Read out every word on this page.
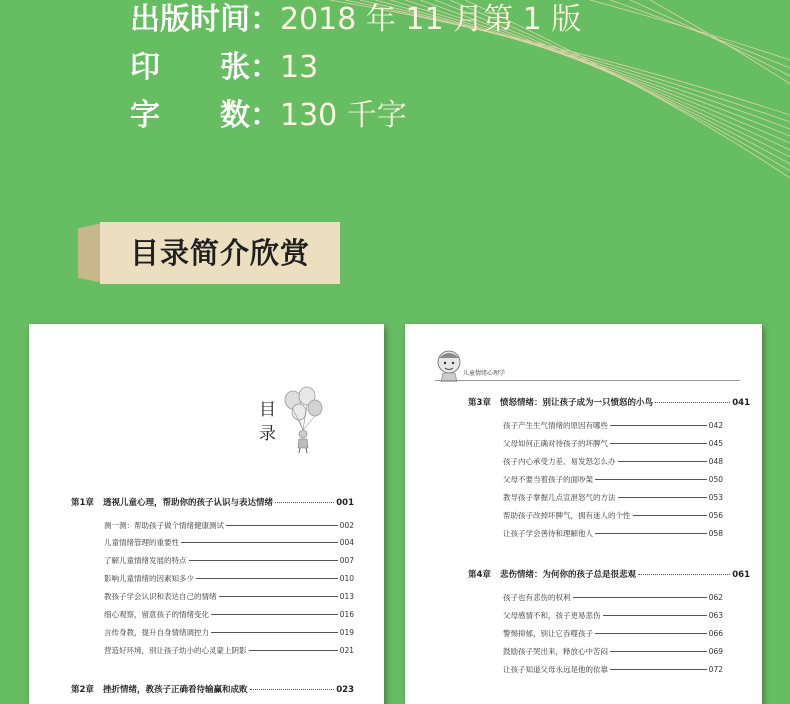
出版时间：2018 年 11 月第 1 版
印　　张：13
字　　数：130 千字
目录简介欣赏
目
录
第1章	透视儿童心理，帮助你的孩子认识与表达情绪	001
测一测：帮助孩子做个情绪健康测试	002
儿童情绪管理的重要性	004
了解儿童情绪发展的特点	007
影响儿童情绪的因素知多少	010
教孩子学会认识和表达自己的情绪	013
细心观察，留意孩子的情绪变化	016
言传身教，提升自身情绪调控力	019
营造好环境，别让孩子幼小的心灵蒙上阴影	021
第2章	挫折情绪，教孩子正确看待输赢和成败	023
儿童情绪心理学
第3章	愤怒情绪：别让孩子成为一只愤怒的小鸟	041
孩子产生生气情绪的原因有哪些	042
父母如何正确对待孩子的坏脾气	045
孩子内心承受力差、易发怒怎么办	048
父母不要当着孩子的面吵架	050
教导孩子掌握几点宣泄怒气的方法	053
帮助孩子改掉坏脾气，拥有迷人的个性	056
让孩子学会善待和理解他人	058
第4章	悲伤情绪：为何你的孩子总是很悲观	061
孩子也有悲伤的权利	062
父母感情不和，孩子更易悲伤	063
警惕抑郁，别让它吞噬孩子	066
鼓励孩子哭出来，释放心中苦闷	069
让孩子知道父母永远是他的依靠	072
